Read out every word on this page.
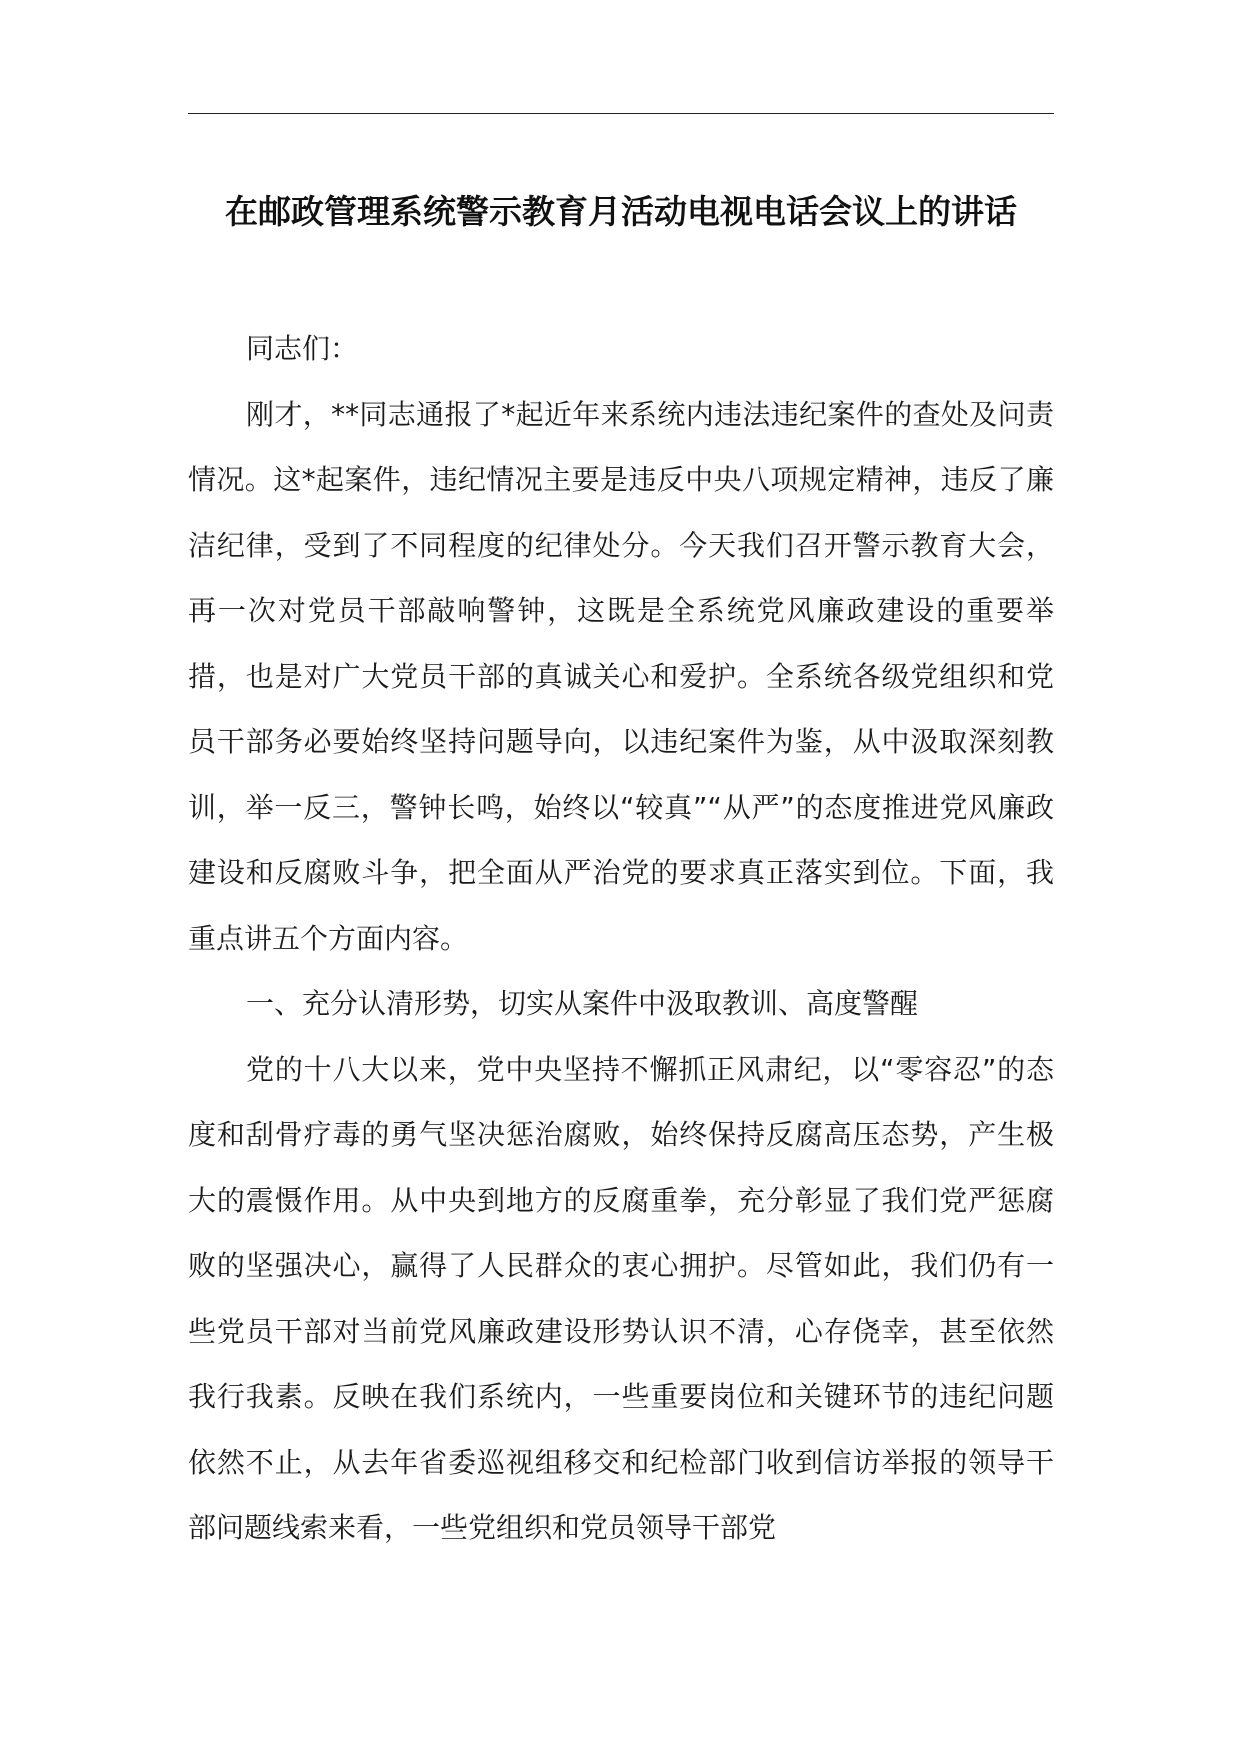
在邮政管理系统警示教育月活动电视电话会议上的讲话

同志们：

刚才，**同志通报了*起近年来系统内违法违纪案件的查处及问责情况。这*起案件，违纪情况主要是违反中央八项规定精神，违反了廉洁纪律，受到了不同程度的纪律处分。今天我们召开警示教育大会，再一次对党员干部敲响警钟，这既是全系统党风廉政建设的重要举措，也是对广大党员干部的真诚关心和爱护。全系统各级党组织和党员干部务必要始终坚持问题导向，以违纪案件为鉴，从中汲取深刻教训，举一反三，警钟长鸣，始终以“较真”“从严”的态度推进党风廉政建设和反腐败斗争，把全面从严治党的要求真正落实到位。下面，我重点讲五个方面内容。

一、充分认清形势，切实从案件中汲取教训、高度警醒

党的十八大以来，党中央坚持不懈抓正风肃纪，以“零容忍”的态度和刮骨疗毒的勇气坚决惩治腐败，始终保持反腐高压态势，产生极大的震慑作用。从中央到地方的反腐重拳，充分彰显了我们党严惩腐败的坚强决心，赢得了人民群众的衷心拥护。尽管如此，我们仍有一些党员干部对当前党风廉政建设形势认识不清，心存侥幸，甚至依然我行我素。反映在我们系统内，一些重要岗位和关键环节的违纪问题依然不止，从去年省委巡视组移交和纪检部门收到信访举报的领导干部问题线索来看，一些党组织和党员领导干部党
